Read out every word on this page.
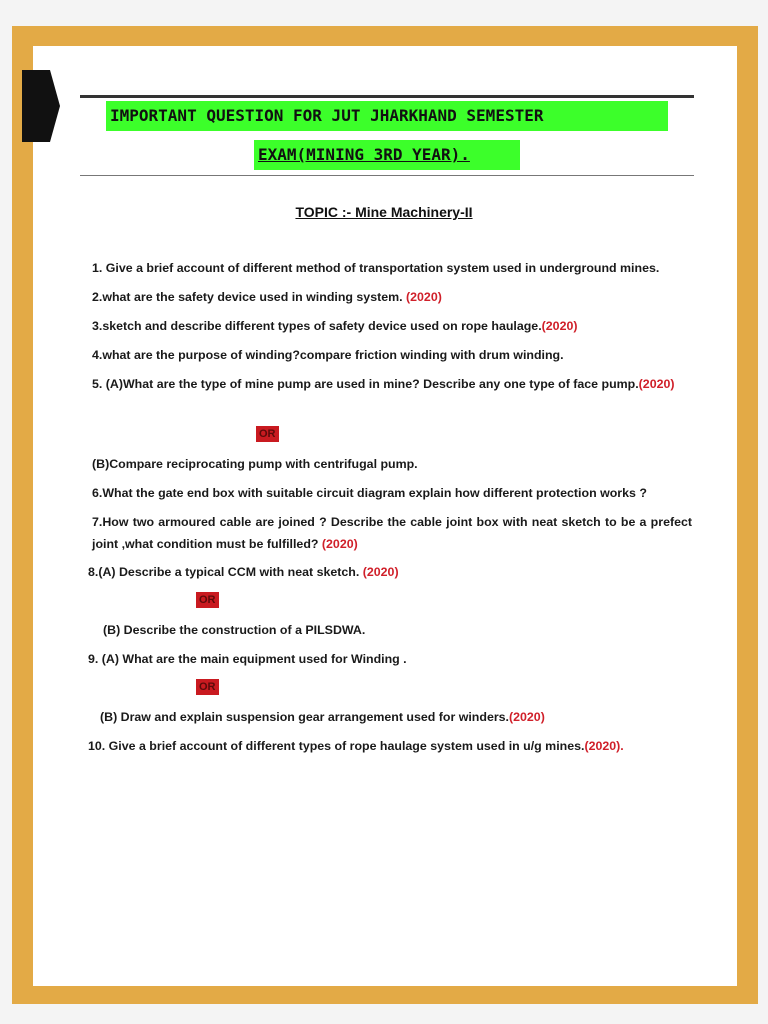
IMPORTANT QUESTION FOR JUT JHARKHAND SEMESTER
EXAM(MINING 3RD YEAR).
TOPIC :- Mine Machinery-II
1. Give a brief account of different method of transportation system used in underground mines.
2.what are the safety device used in winding system. (2020)
3.sketch and describe different types of safety device used on rope haulage.(2020)
4.what are the purpose of winding?compare friction winding with drum winding.
5. (A)What are the type of mine pump are used in mine? Describe any one type of face pump.(2020)
OR
(B)Compare reciprocating pump with centrifugal pump.
6.What the gate end box with suitable circuit diagram explain how different protection works ?
7.How two armoured cable are joined ? Describe the cable joint box with neat sketch to be a prefect joint ,what condition must be fulfilled? (2020)
8.(A) Describe a typical CCM with neat sketch. (2020)
OR
(B) Describe the construction of a PILSDWA.
9. (A) What are the main equipment used for Winding .
OR
(B) Draw and explain suspension gear arrangement used for winders.(2020)
10. Give a brief account of different types of rope haulage system used in u/g mines.(2020).
